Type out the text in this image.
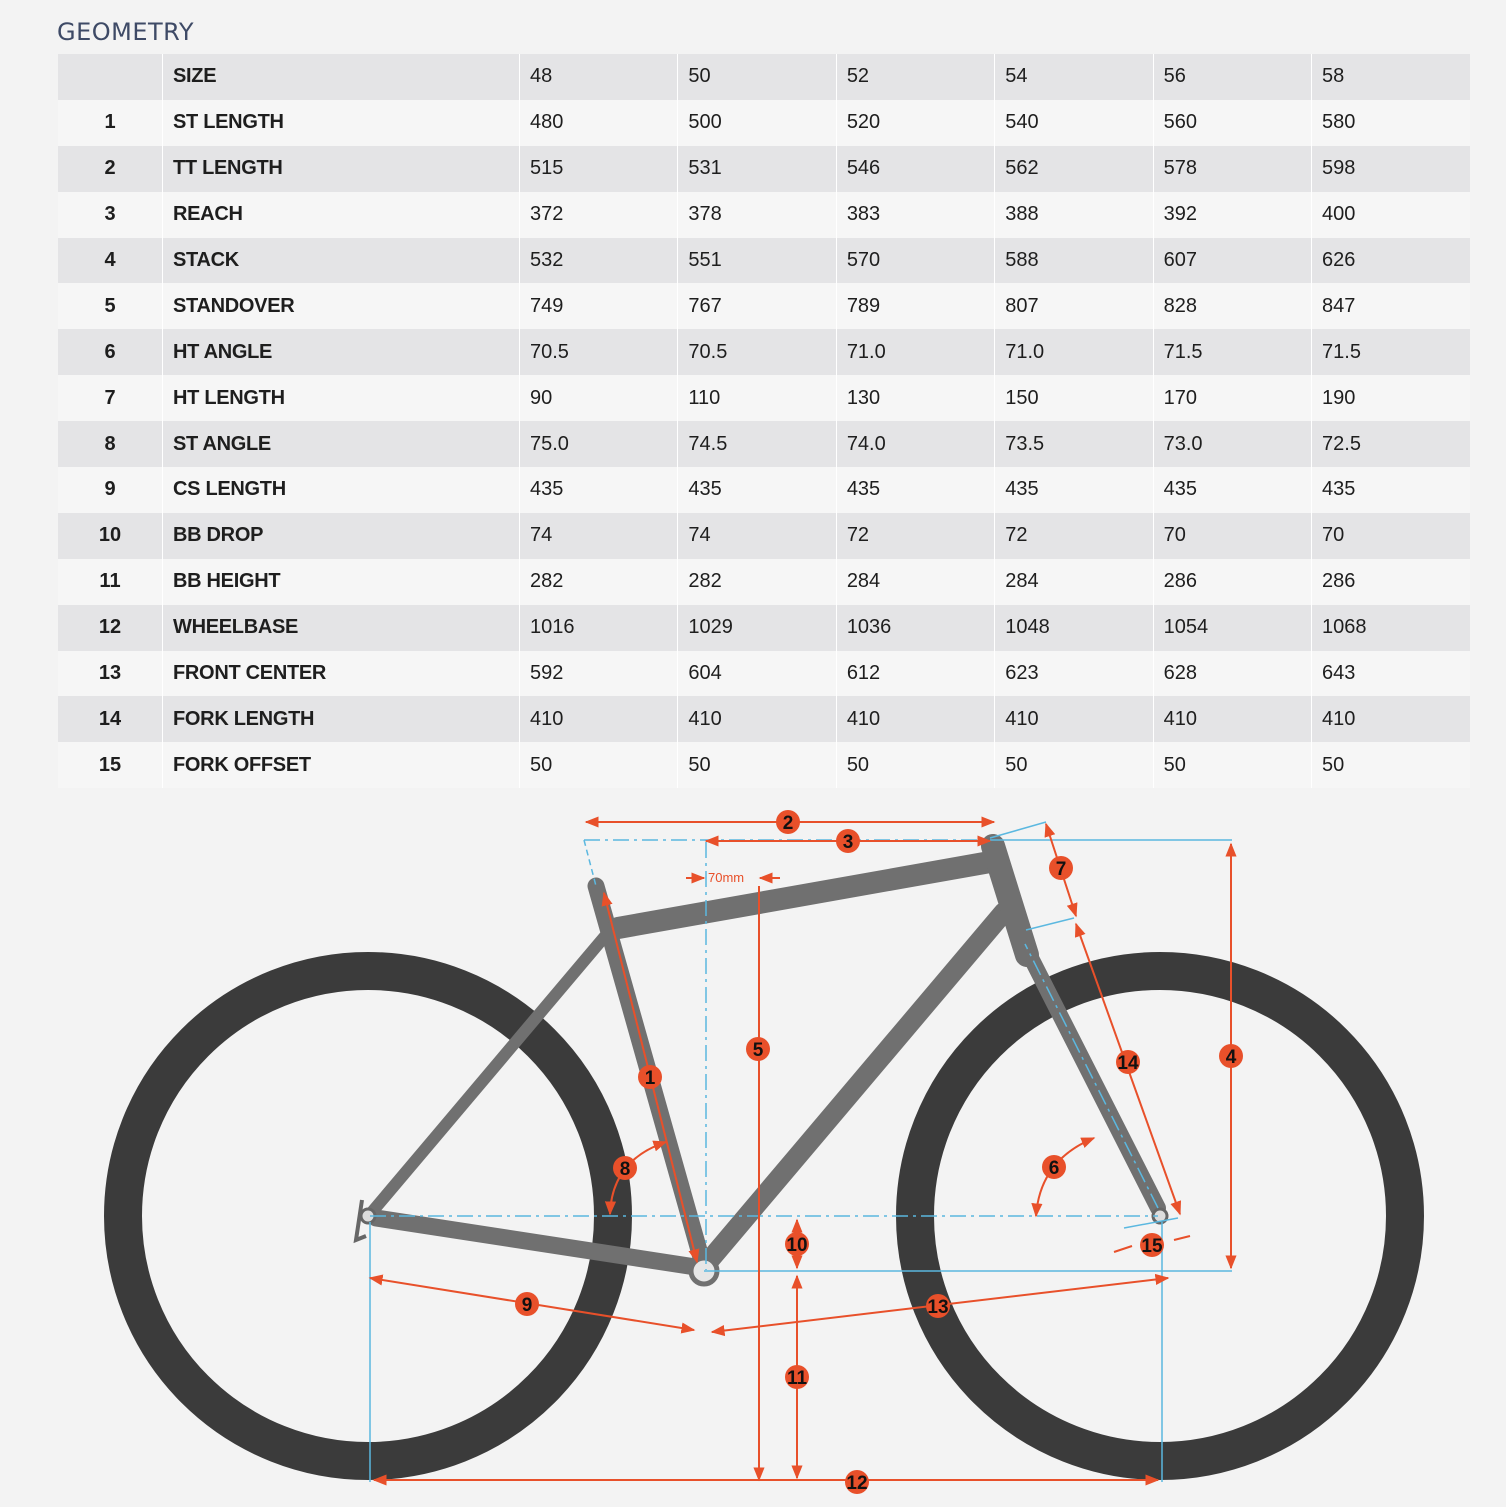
GEOMETRY
	SIZE	48	50	52	54	56	58
1	ST LENGTH	480	500	520	540	560	580
2	TT LENGTH	515	531	546	562	578	598
3	REACH	372	378	383	388	392	400
4	STACK	532	551	570	588	607	626
5	STANDOVER	749	767	789	807	828	847
6	HT ANGLE	70.5	70.5	71.0	71.0	71.5	71.5
7	HT LENGTH	90	110	130	150	170	190
8	ST ANGLE	75.0	74.5	74.0	73.5	73.0	72.5
9	CS LENGTH	435	435	435	435	435	435
10	BB DROP	74	74	72	72	70	70
11	BB HEIGHT	282	282	284	284	286	286
12	WHEELBASE	1016	1029	1036	1048	1054	1068
13	FRONT CENTER	592	604	612	623	628	643
14	FORK LENGTH	410	410	410	410	410	410
15	FORK OFFSET	50	50	50	50	50	50
70mm
1
2
3
4
5
6
7
8
9
10
11
12
13
14
15
